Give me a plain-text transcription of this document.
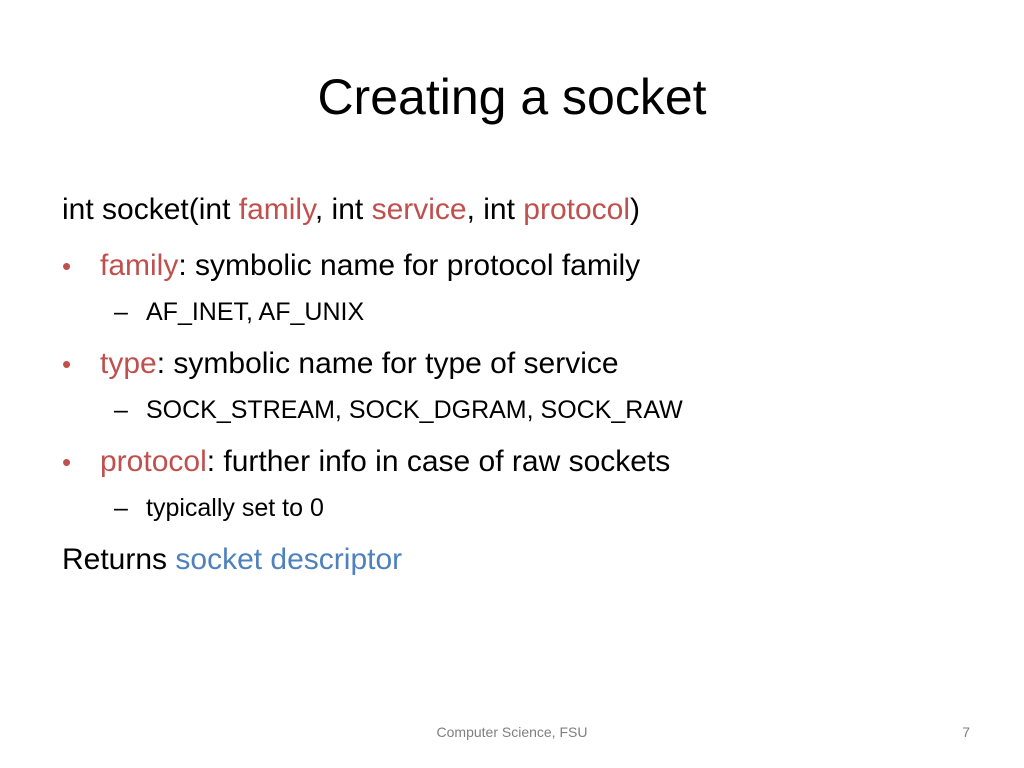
Creating a socket
int socket(int family, int service, int protocol)
• family: symbolic name for protocol family
– AF_INET, AF_UNIX
• type: symbolic name for type of service
– SOCK_STREAM, SOCK_DGRAM, SOCK_RAW
• protocol: further info in case of raw sockets
– typically set to 0
Returns socket descriptor
Computer Science, FSU	7
